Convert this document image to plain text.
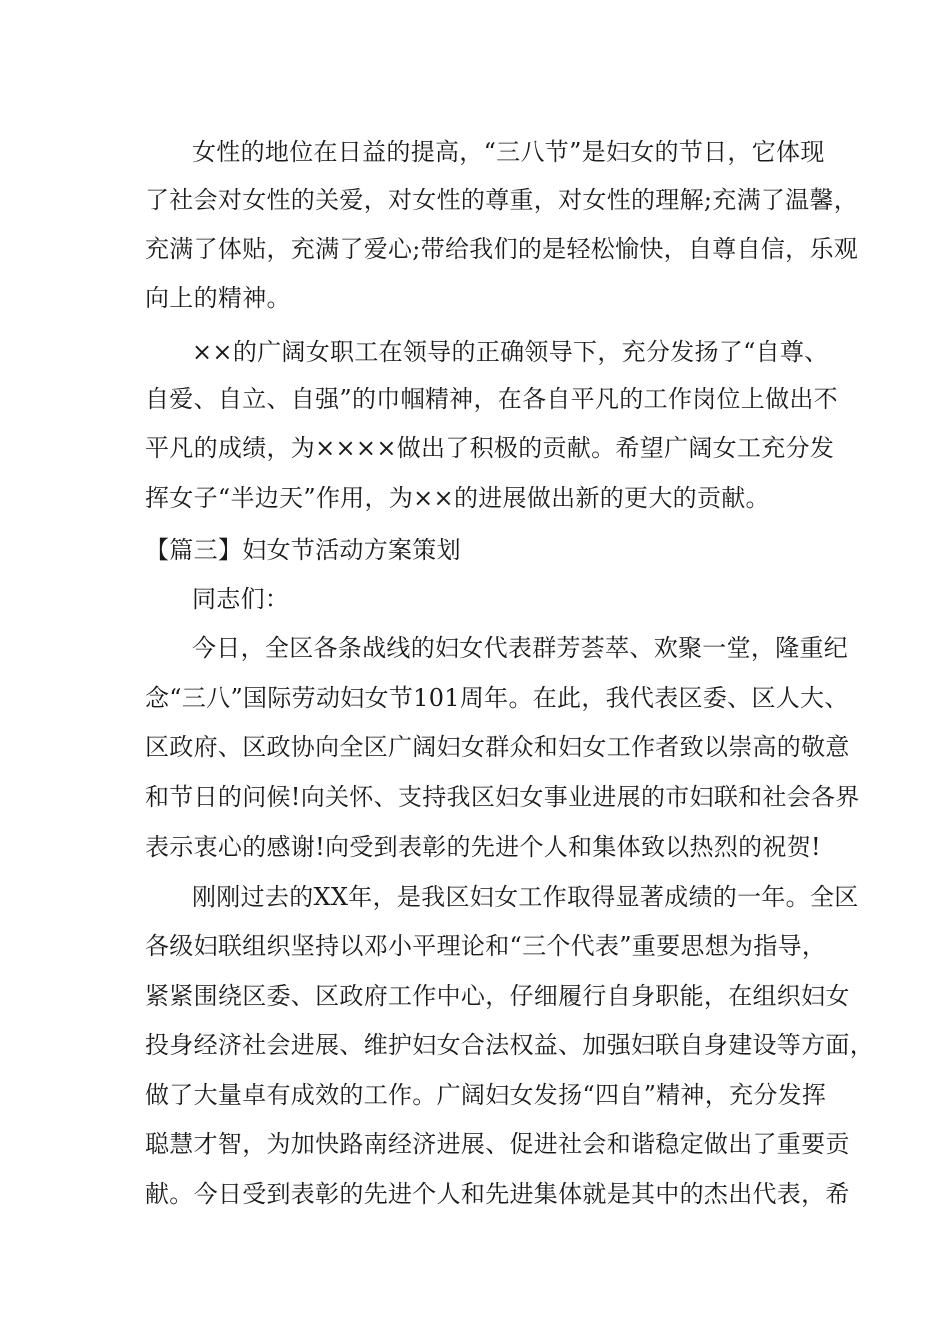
女性的地位在日益的提高，“三八节”是妇女的节日，它体现
了社会对女性的关爱，对女性的尊重，对女性的理解;充满了温馨，
充满了体贴，充满了爱心;带给我们的是轻松愉快，自尊自信，乐观
向上的精神。
××的广阔女职工在领导的正确领导下，充分发扬了“自尊、
自爱、自立、自强”的巾帼精神，在各自平凡的工作岗位上做出不
平凡的成绩，为××××做出了积极的贡献。希望广阔女工充分发
挥女子“半边天”作用，为××的进展做出新的更大的贡献。
【篇三】妇女节活动方案策划
同志们：
今日，全区各条战线的妇女代表群芳荟萃、欢聚一堂，隆重纪
念“三八”国际劳动妇女节101周年。在此，我代表区委、区人大、
区政府、区政协向全区广阔妇女群众和妇女工作者致以崇高的敬意
和节日的问候!向关怀、支持我区妇女事业进展的市妇联和社会各界
表示衷心的感谢!向受到表彰的先进个人和集体致以热烈的祝贺!
刚刚过去的XX年，是我区妇女工作取得显著成绩的一年。全区
各级妇联组织坚持以邓小平理论和“三个代表”重要思想为指导，
紧紧围绕区委、区政府工作中心，仔细履行自身职能，在组织妇女
投身经济社会进展、维护妇女合法权益、加强妇联自身建设等方面，
做了大量卓有成效的工作。广阔妇女发扬“四自”精神，充分发挥
聪慧才智，为加快路南经济进展、促进社会和谐稳定做出了重要贡
献。今日受到表彰的先进个人和先进集体就是其中的杰出代表，希
